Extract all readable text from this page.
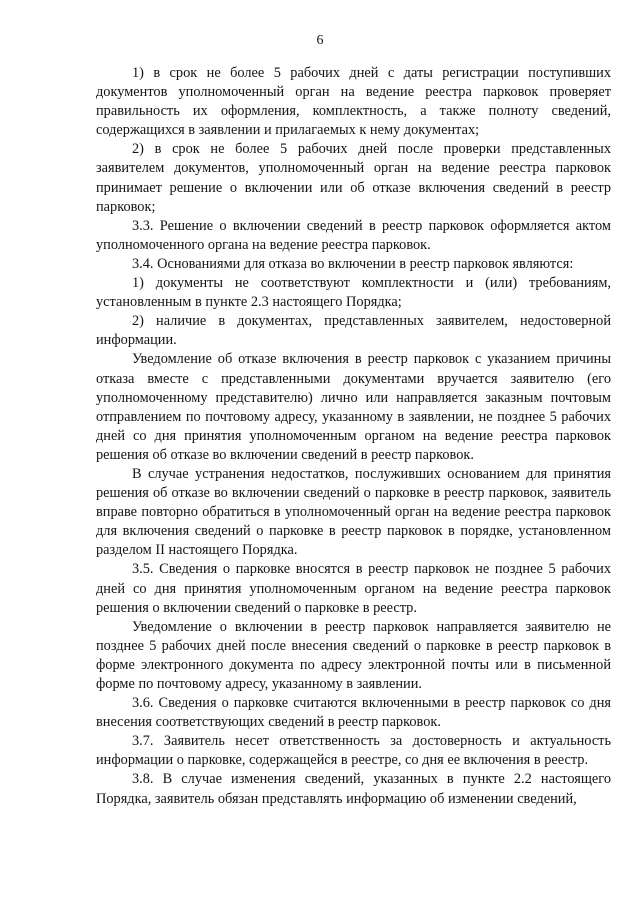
6

1) в срок не более 5 рабочих дней с даты регистрации поступивших документов уполномоченный орган на ведение реестра парковок проверяет правильность их оформления, комплектность, а также полноту сведений, содержащихся в заявлении и прилагаемых к нему документах;

2) в срок не более 5 рабочих дней после проверки представленных заявителем документов, уполномоченный орган на ведение реестра парковок принимает решение о включении или об отказе включения сведений в реестр парковок;

3.3. Решение о включении сведений в реестр парковок оформляется актом уполномоченного органа на ведение реестра парковок.

3.4. Основаниями для отказа во включении в реестр парковок являются:

1) документы не соответствуют комплектности и (или) требованиям, установленным в пункте 2.3 настоящего Порядка;

2) наличие в документах, представленных заявителем, недостоверной информации.

Уведомление об отказе включения в реестр парковок с указанием причины отказа вместе с представленными документами вручается заявителю (его уполномоченному представителю) лично или направляется заказным почтовым отправлением по почтовому адресу, указанному в заявлении, не позднее 5 рабочих дней со дня принятия уполномоченным органом на ведение реестра парковок решения об отказе во включении сведений в реестр парковок.

В случае устранения недостатков, послуживших основанием для принятия решения об отказе во включении сведений о парковке в реестр парковок, заявитель вправе повторно обратиться в уполномоченный орган на ведение реестра парковок для включения сведений о парковке в реестр парковок в порядке, установленном разделом II настоящего Порядка.

3.5. Сведения о парковке вносятся в реестр парковок не позднее 5 рабочих дней со дня принятия уполномоченным органом на ведение реестра парковок решения о включении сведений о парковке в реестр.

Уведомление о включении в реестр парковок направляется заявителю не позднее 5 рабочих дней после внесения сведений о парковке в реестр парковок в форме электронного документа по адресу электронной почты или в письменной форме по почтовому адресу, указанному в заявлении.

3.6. Сведения о парковке считаются включенными в реестр парковок со дня внесения соответствующих сведений в реестр парковок.

3.7. Заявитель несет ответственность за достоверность и актуальность информации о парковке, содержащейся в реестре, со дня ее включения в реестр.

3.8. В случае изменения сведений, указанных в пункте 2.2 настоящего Порядка, заявитель обязан представлять информацию об изменении сведений,
